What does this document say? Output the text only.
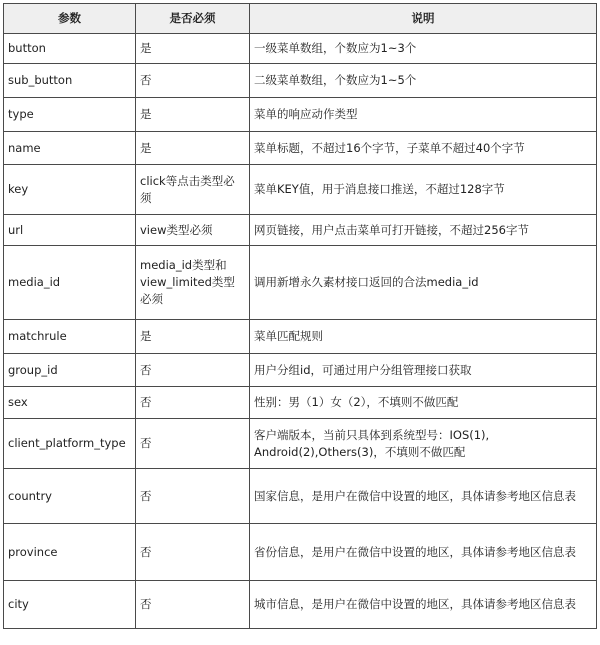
参数	是否必须	说明
button	是	一级菜单数组，个数应为1~3个
sub_button	否	二级菜单数组，个数应为1~5个
type	是	菜单的响应动作类型
name	是	菜单标题，不超过16个字节，子菜单不超过40个字节
key	click等点击类型必须	菜单KEY值，用于消息接口推送，不超过128字节
url	view类型必须	网页链接，用户点击菜单可打开链接，不超过256字节
media_id	media_id类型和view_limited类型必须	调用新增永久素材接口返回的合法media_id
matchrule	是	菜单匹配规则
group_id	否	用户分组id，可通过用户分组管理接口获取
sex	否	性别：男（1）女（2），不填则不做匹配
client_platform_type	否	客户端版本，当前只具体到系统型号：IOS(1), Android(2),Others(3)，不填则不做匹配
country	否	国家信息，是用户在微信中设置的地区，具体请参考地区信息表
province	否	省份信息，是用户在微信中设置的地区，具体请参考地区信息表
city	否	城市信息，是用户在微信中设置的地区，具体请参考地区信息表
